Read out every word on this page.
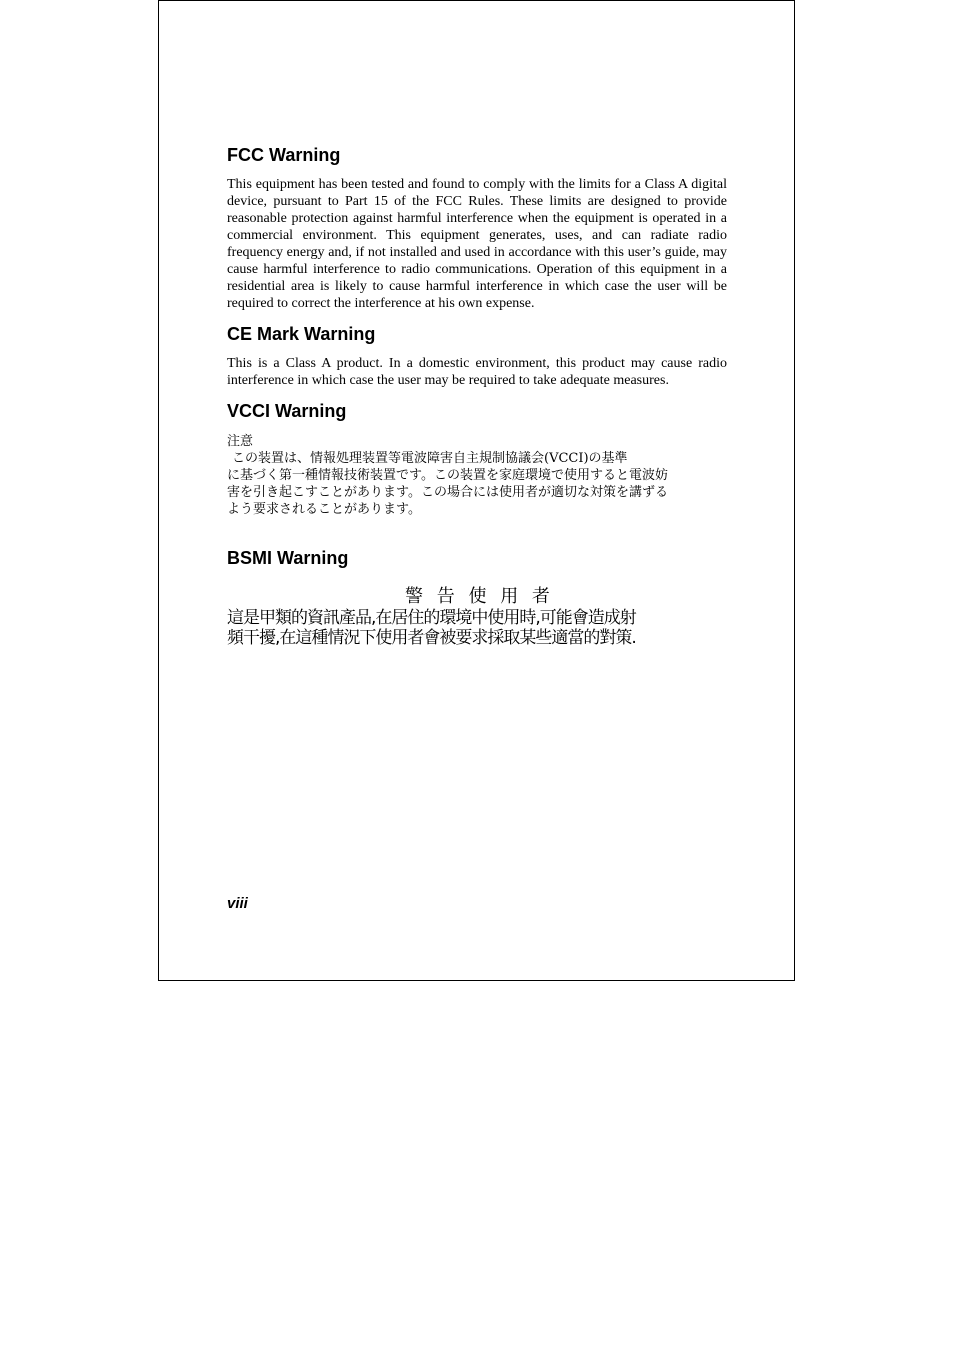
FCC Warning

This equipment has been tested and found to comply with the limits for a Class A digital device, pursuant to Part 15 of the FCC Rules. These limits are designed to provide reasonable protection against harmful interference when the equipment is operated in a commercial environment. This equipment generates, uses, and can radiate radio frequency energy and, if not installed and used in accordance with this user’s guide, may cause harmful interference to radio communications. Operation of this equipment in a residential area is likely to cause harmful interference in which case the user will be required to correct the interference at his own expense.

CE Mark Warning

This is a Class A product. In a domestic environment, this product may cause radio interference in which case the user may be required to take adequate measures.

VCCI Warning
注意
この装置は、情報処理装置等電波障害自主規制協議会(VCCI)の基準
に基づく第一種情報技術装置です。この装置を家庭環境で使用すると電波妨
害を引き起こすことがあります。この場合には使用者が適切な対策を講ずる
よう要求されることがあります。
BSMI Warning
警 告 使 用 者
這是甲類的資訊產品,在居住的環境中使用時,可能會造成射
頻干擾,在這種情況下使用者會被要求採取某些適當的對策.
viii
